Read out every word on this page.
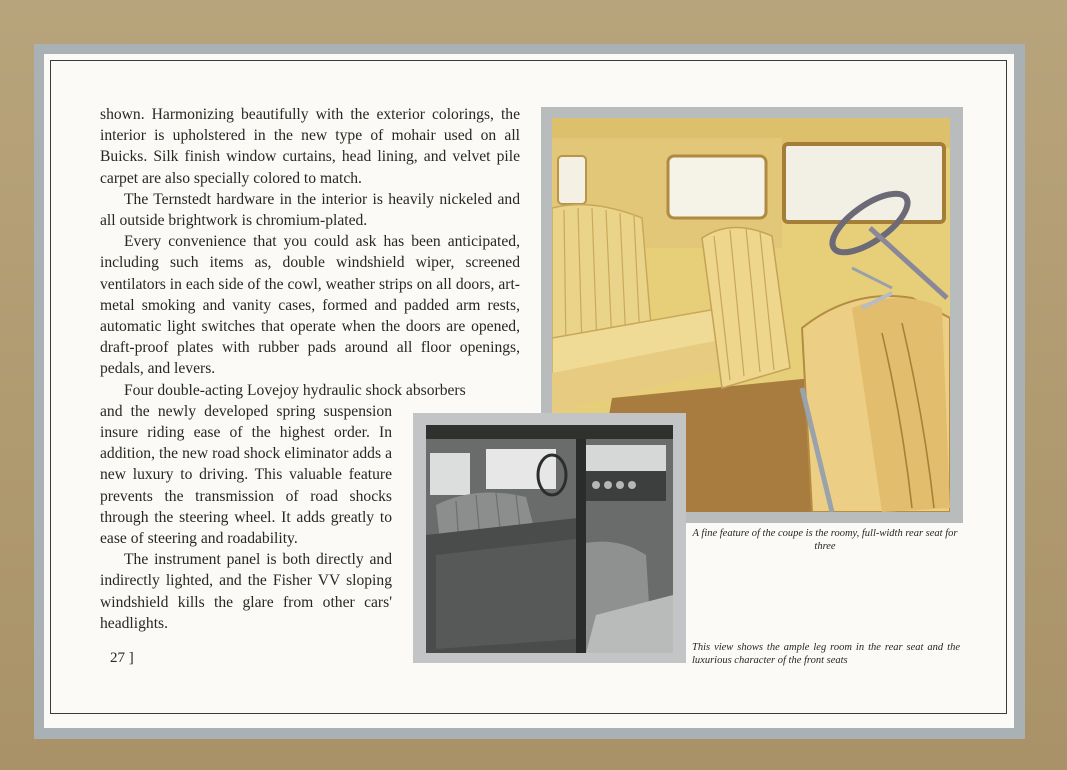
shown. Harmonizing beautifully with the exterior colorings, the interior is upholstered in the new type of mohair used on all Buicks. Silk finish window curtains, head lining, and velvet pile carpet are also specially colored to match.

The Ternstedt hardware in the interior is heavily nickeled and all outside brightwork is chromium-plated.

Every convenience that you could ask has been anticipated, including such items as, double windshield wiper, screened ventilators in each side of the cowl, weather strips on all doors, art-metal smoking and vanity cases, formed and padded arm rests, automatic light switches that operate when the doors are opened, draft-proof plates with rubber pads around all floor openings, pedals, and levers.

Four double-acting Lovejoy hydraulic shock absorbers

and the newly developed spring suspension insure riding ease of the highest order. In addition, the new road shock eliminator adds a new luxury to driving. This valuable feature prevents the transmission of road shocks through the steering wheel. It adds greatly to ease of steering and roadability.

The instrument panel is both directly and indirectly lighted, and the Fisher VV sloping windshield kills the glare from other cars' headlights.

27 ]
A fine feature of the coupe is the roomy, full-width rear seat for three
This view shows the ample leg room in the rear seat and the luxurious character of the front seats
